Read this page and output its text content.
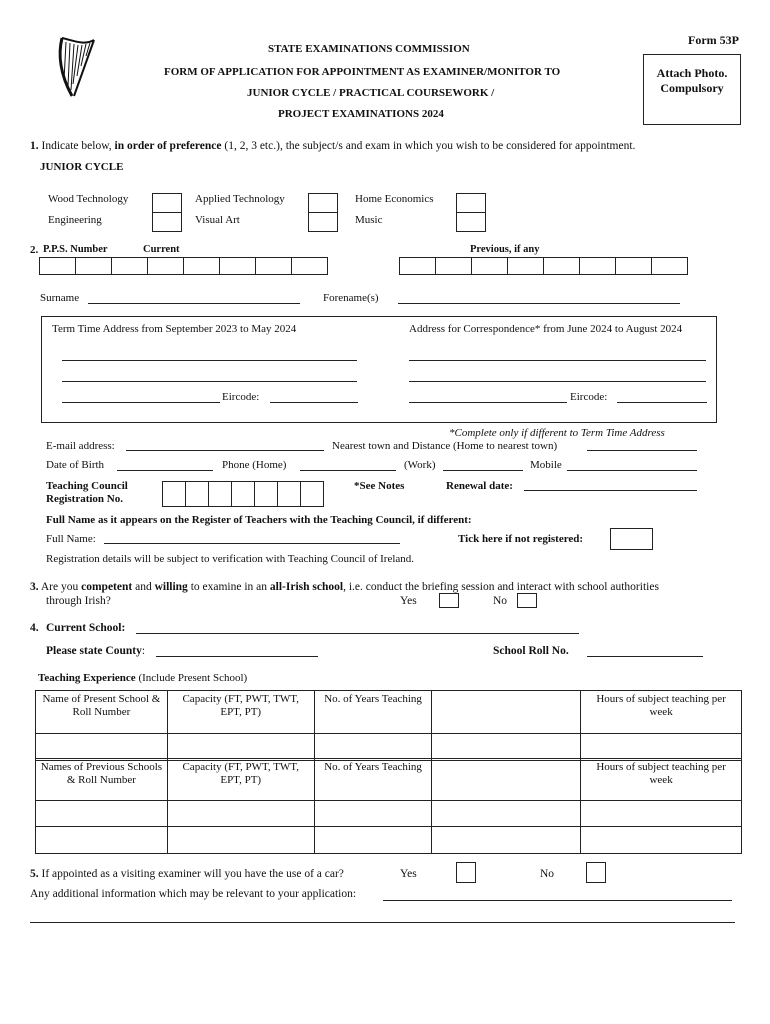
Form 53P
STATE EXAMINATIONS COMMISSION
FORM OF APPLICATION FOR APPOINTMENT AS EXAMINER/MONITOR TO
JUNIOR CYCLE / PRACTICAL COURSEWORK /
PROJECT EXAMINATIONS 2024
Attach Photo.
Compulsory
1. Indicate below, in order of preference (1, 2, 3 etc.), the subject/s and exam in which you wish to be considered for appointment.
JUNIOR CYCLE
Wood Technology	Applied Technology	Home Economics
Engineering	Visual Art	Music
2. P.P.S. Number	Current	Previous, if any
Surname	Forename(s)
Term Time Address from September 2023 to May 2024	Address for Correspondence* from June 2024 to August 2024
Eircode:	Eircode:
*Complete only if different to Term Time Address
E-mail address:	Nearest town and Distance (Home to nearest town)
Date of Birth	Phone (Home)	(Work)	Mobile
Teaching Council
Registration No.
*See Notes	Renewal date:
Full Name as it appears on the Register of Teachers with the Teaching Council, if different:
Full Name:	Tick here if not registered:
Registration details will be subject to verification with Teaching Council of Ireland.
3. Are you competent and willing to examine in an all-Irish school, i.e. conduct the briefing session and interact with school authorities
through Irish?	Yes	No
4. Current School:
Please state County:	School Roll No.
Teaching Experience (Include Present School)
Name of Present School & Roll Number	Capacity (FT, PWT, TWT, EPT, PT)	No. of Years Teaching		Hours of subject teaching per week

Names of Previous Schools & Roll Number	Capacity (FT, PWT, TWT, EPT, PT)	No. of Years Teaching		Hours of subject teaching per week

5. If appointed as a visiting examiner will you have the use of a car?	Yes	No
Any additional information which may be relevant to your application:
